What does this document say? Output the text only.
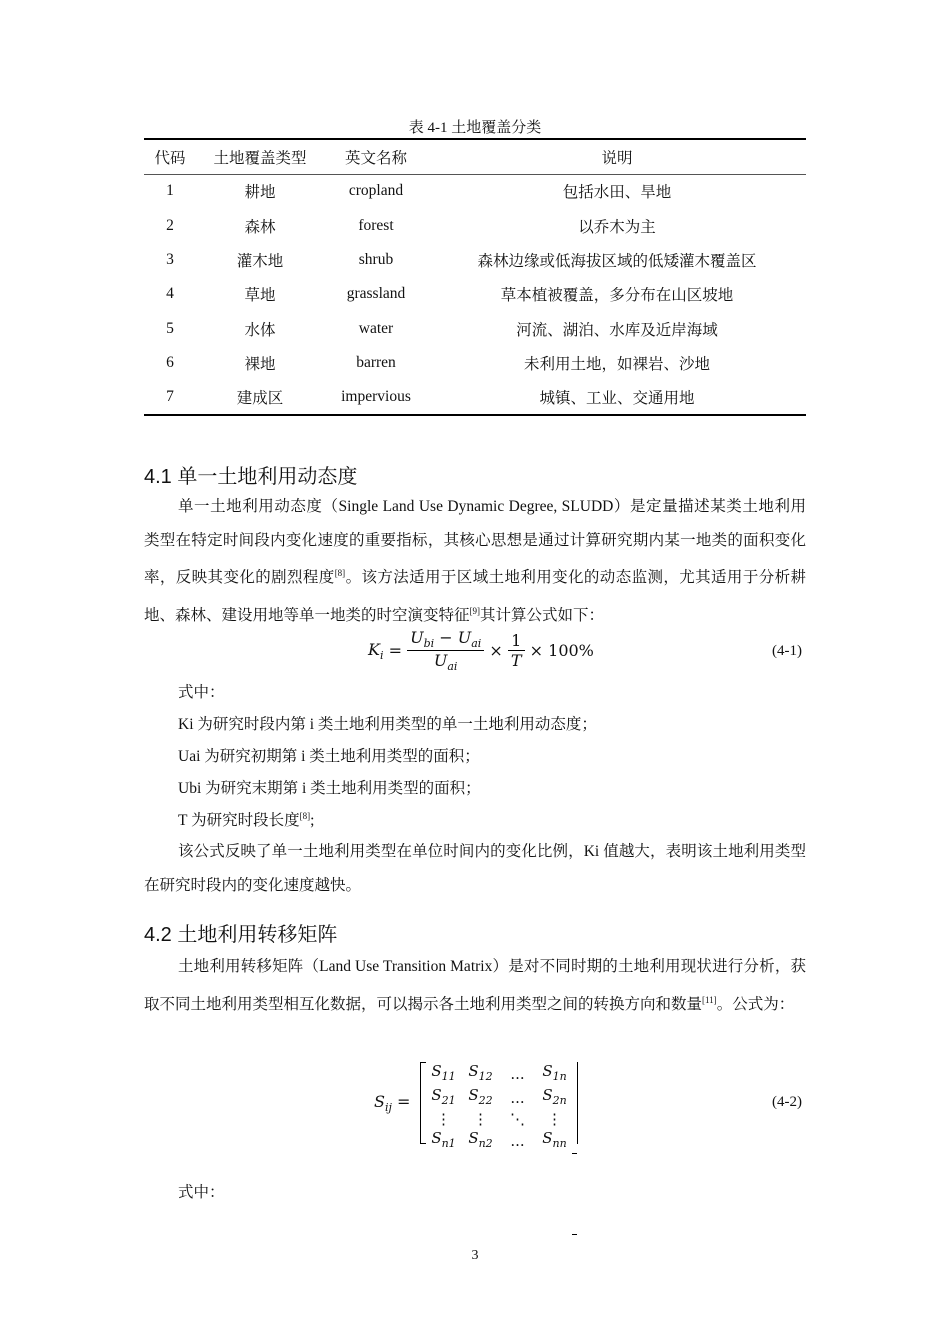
表 4-1 土地覆盖分类
代码	土地覆盖类型	英文名称	说明
1	耕地	cropland	包括水田、旱地
2	森林	forest	以乔木为主
3	灌木地	shrub	森林边缘或低海拔区域的低矮灌木覆盖区
4	草地	grassland	草本植被覆盖，多分布在山区坡地
5	水体	water	河流、湖泊、水库及近岸海域
6	裸地	barren	未利用土地，如裸岩、沙地
7	建成区	impervious	城镇、工业、交通用地
4.1 单一土地利用动态度

单一土地利用动态度（Single Land Use Dynamic Degree, SLUDD）是定量描述某类土地利用类型在特定时间段内变化速度的重要指标，其核心思想是通过计算研究期内某一地类的面积变化率，反映其变化的剧烈程度[8]。该方法适用于区域土地利用变化的动态监测，尤其适用于分析耕地、森林、建设用地等单一地类的时空演变特征[9]其计算公式如下：

$K_i = \frac{U_{bi} - U_{ai}}{U_{ai}} \times \frac{1}{T} \times 100\%$	(4-1)
式中：
Ki 为研究时段内第 i 类土地利用类型的单一土地利用动态度；
Uai 为研究初期第 i 类土地利用类型的面积；
Ubi 为研究末期第 i 类土地利用类型的面积；
T 为研究时段长度[8];

该公式反映了单一土地利用类型在单位时间内的变化比例，Ki 值越大，表明该土地利用类型在研究时段内的变化速度越快。

4.2 土地利用转移矩阵

土地利用转移矩阵（Land Use Transition Matrix）是对不同时期的土地利用现状进行分析，获取不同土地利用类型相互化数据，可以揭示各土地利用类型之间的转换方向和数量[11]。公式为：

$S_{ij}$ =
$S_{11}$	$S_{12}$	...	$S_{1n}$
$S_{21}$	$S_{22}$	...	$S_{2n}$
⋮	⋮	⋱	⋮
$S_{n1}$	$S_{n2}$	...	$S_{nn}$
(4-2)
式中：
3
